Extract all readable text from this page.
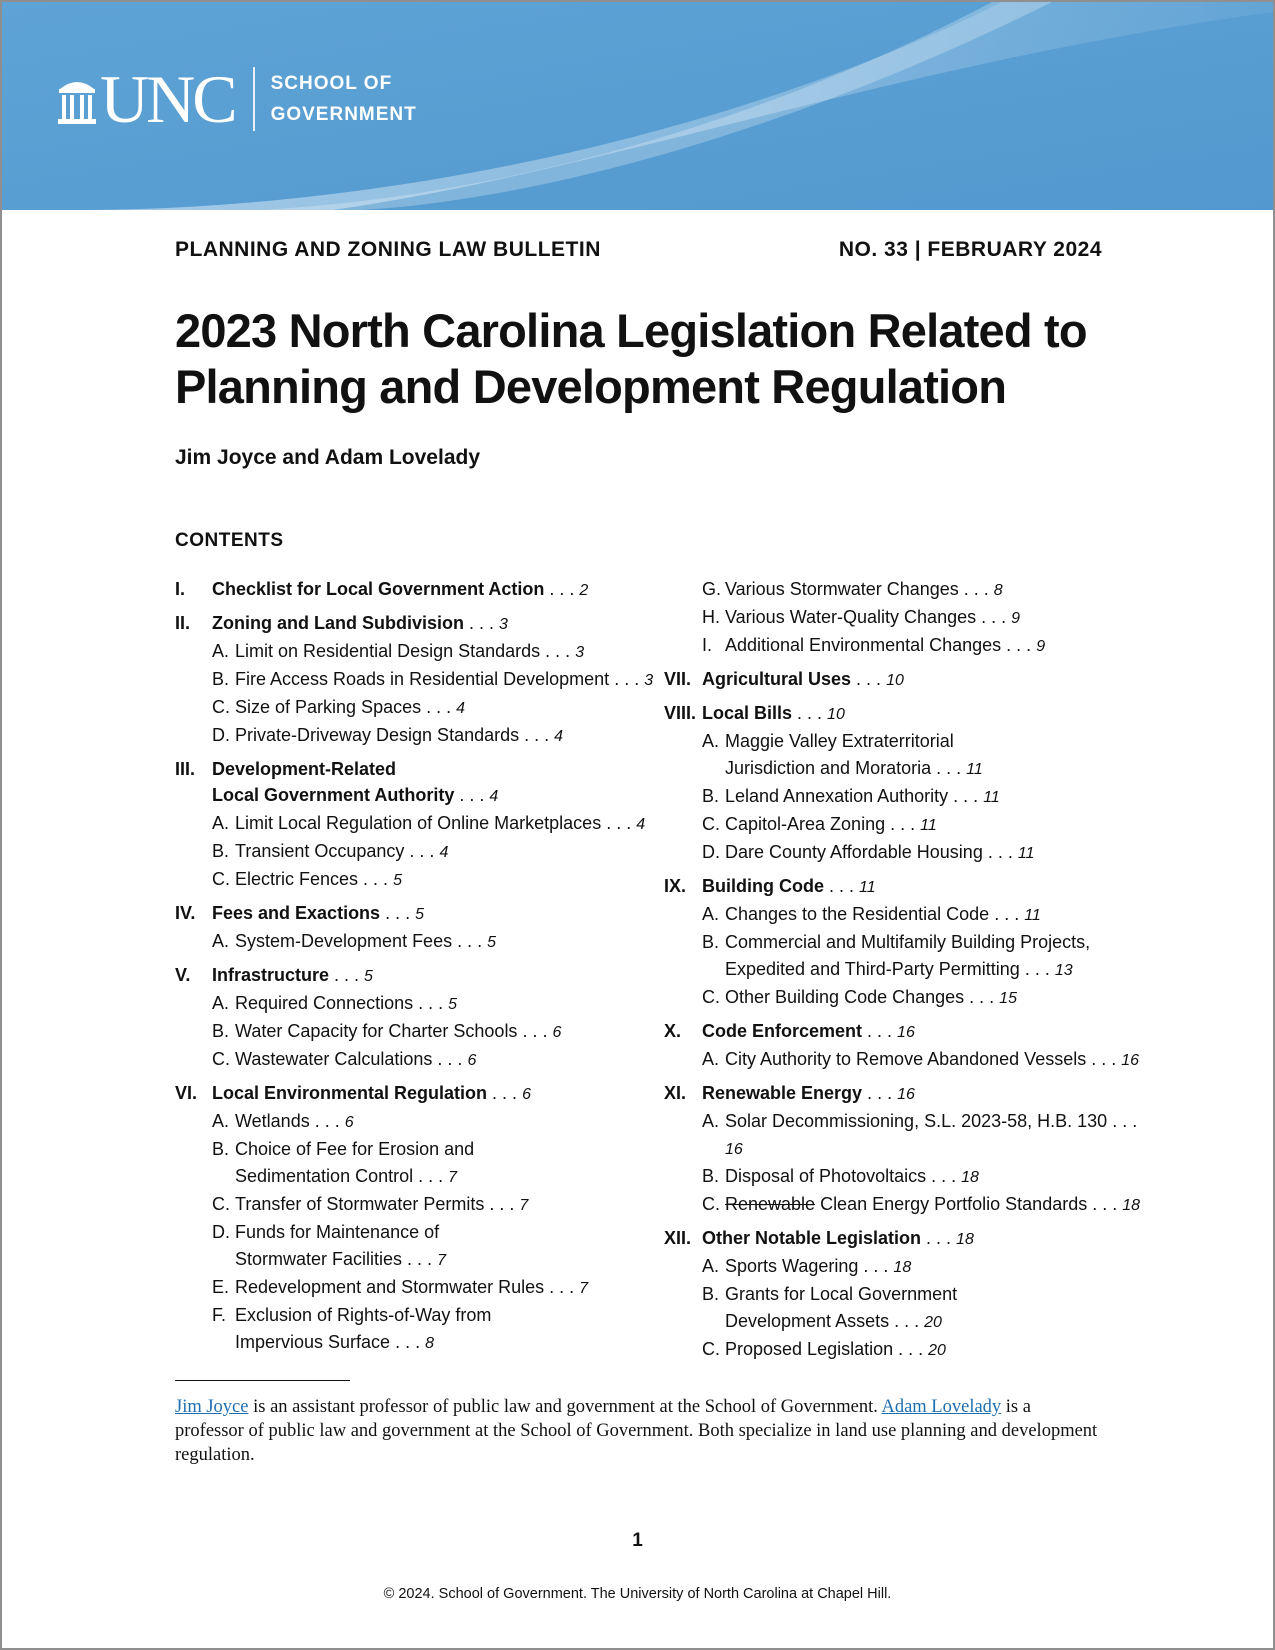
UNC SCHOOL OF
GOVERNMENT
PLANNING AND ZONING LAW BULLETIN	NO. 33 | FEBRUARY 2024
2023 North Carolina Legislation Related to
Planning and Development Regulation
Jim Joyce and Adam Lovelady
CONTENTS
I.	Checklist for Local Government Action . . . 2
II.	Zoning and Land Subdivision . . . 3
A. Limit on Residential Design Standards . . . 3
B. Fire Access Roads in Residential Development . . . 3
C. Size of Parking Spaces . . . 4
D. Private-Driveway Design Standards . . . 4
III. Development-Related
Local Government Authority . . . 4
A. Limit Local Regulation of Online Marketplaces . . . 4
B. Transient Occupancy . . . 4
C. Electric Fences . . . 5
IV. Fees and Exactions . . . 5
A. System-Development Fees . . . 5
V.	Infrastructure . . . 5
A. Required Connections . . . 5
B. Water Capacity for Charter Schools . . . 6
C. Wastewater Calculations . . . 6
VI. Local Environmental Regulation . . . 6
A. Wetlands . . . 6
B. Choice of Fee for Erosion and
Sedimentation Control . . . 7
C. Transfer of Stormwater Permits . . . 7
D. Funds for Maintenance of
Stormwater Facilities . . . 7
E. Redevelopment and Stormwater Rules . . . 7
F. Exclusion of Rights-of-Way from
Impervious Surface . . . 8
G. Various Stormwater Changes . . . 8
H. Various Water-Quality Changes . . . 9
I. Additional Environmental Changes . . . 9
VII. Agricultural Uses . . . 10
VIII. Local Bills . . . 10
A. Maggie Valley Extraterritorial
Jurisdiction and Moratoria . . . 11
B. Leland Annexation Authority . . . 11
C. Capitol-Area Zoning . . . 11
D. Dare County Affordable Housing . . . 11
IX. Building Code . . . 11
A. Changes to the Residential Code . . . 11
B. Commercial and Multifamily Building Projects,
Expedited and Third-Party Permitting . . . 13
C. Other Building Code Changes . . . 15
X.	Code Enforcement . . . 16
A. City Authority to Remove Abandoned Vessels . . . 16
XI. Renewable Energy . . . 16
A. Solar Decommissioning, S.L. 2023-58, H.B. 130 . . . 16
B. Disposal of Photovoltaics . . . 18
C. Renewable Clean Energy Portfolio Standards . . . 18
XII. Other Notable Legislation . . . 18
A. Sports Wagering . . . 18
B. Grants for Local Government
Development Assets . . . 20
C. Proposed Legislation . . . 20

Jim Joyce is an assistant professor of public law and government at the School of Government. Adam Lovelady is a professor of public law and government at the School of Government. Both specialize in land use planning and development regulation.

1
© 2024. School of Government. The University of North Carolina at Chapel Hill.
